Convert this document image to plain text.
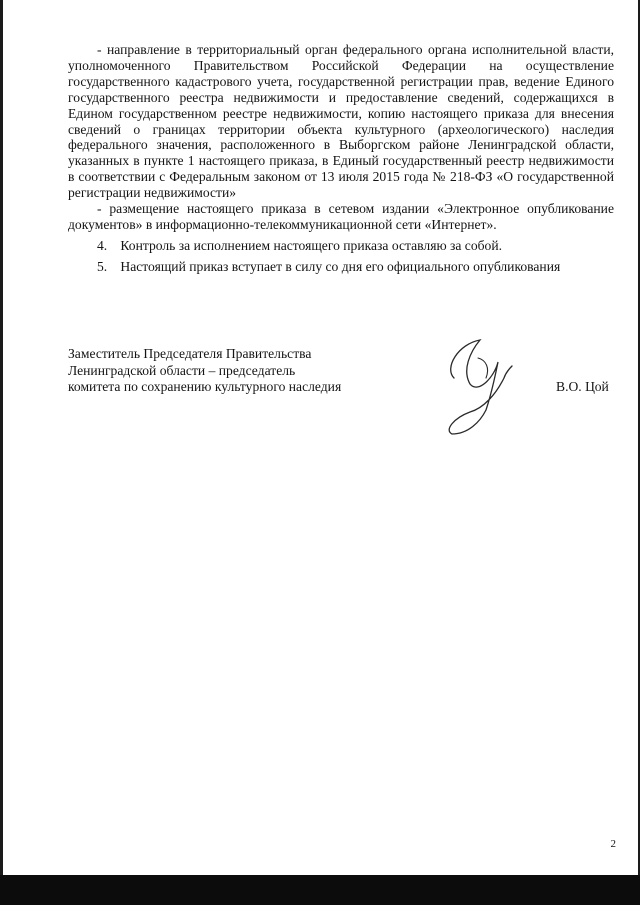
- направление в территориальный орган федерального органа исполнительной власти, уполномоченного Правительством Российской Федерации на осуществление государственного кадастрового учета, государственной регистрации прав, ведение Единого государственного реестра недвижимости и предоставление сведений, содержащихся в Едином государственном реестре недвижимости, копию настоящего приказа для внесения сведений о границах территории объекта культурного (археологического) наследия федерального значения, расположенного в Выборгском районе Ленинградской области, указанных в пункте 1 настоящего приказа, в Единый государственный реестр недвижимости в соответствии с Федеральным законом от 13 июля 2015 года № 218-ФЗ «О государственной регистрации недвижимости»

- размещение настоящего приказа в сетевом издании «Электронное опубликование документов» в информационно-телекоммуникационной сети «Интернет».

4. Контроль за исполнением настоящего приказа оставляю за собой.
5. Настоящий приказ вступает в силу со дня его официального опубликования
Заместитель Председателя Правительства
Ленинградской области – председатель
комитета по сохранению культурного наследия	В.О. Цой
2
